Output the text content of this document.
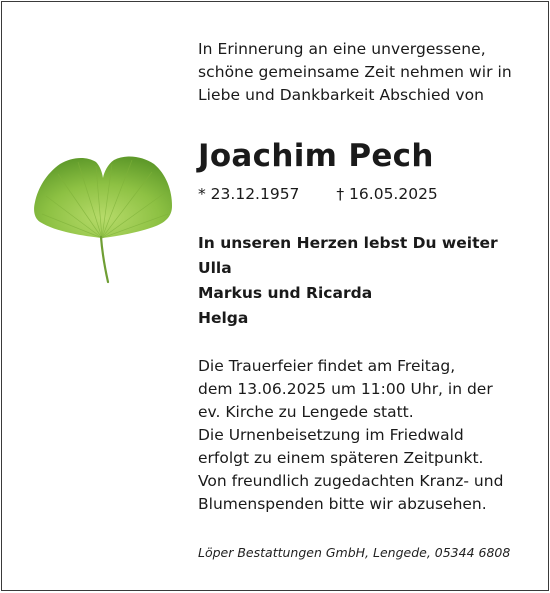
In Erinnerung an eine unvergessene,
schöne gemeinsame Zeit nehmen wir in
Liebe und Dankbarkeit Abschied von
Joachim Pech
* 23.12.1957 † 16.05.2025
In unseren Herzen lebst Du weiter
Ulla
Markus und Ricarda
Helga
Die Trauerfeier findet am Freitag,
dem 13.06.2025 um 11:00 Uhr, in der
ev. Kirche zu Lengede statt.
Die Urnenbeisetzung im Friedwald
erfolgt zu einem späteren Zeitpunkt.
Von freundlich zugedachten Kranz- und
Blumenspenden bitte wir abzusehen.
Löper Bestattungen GmbH, Lengede, 05344 6808
